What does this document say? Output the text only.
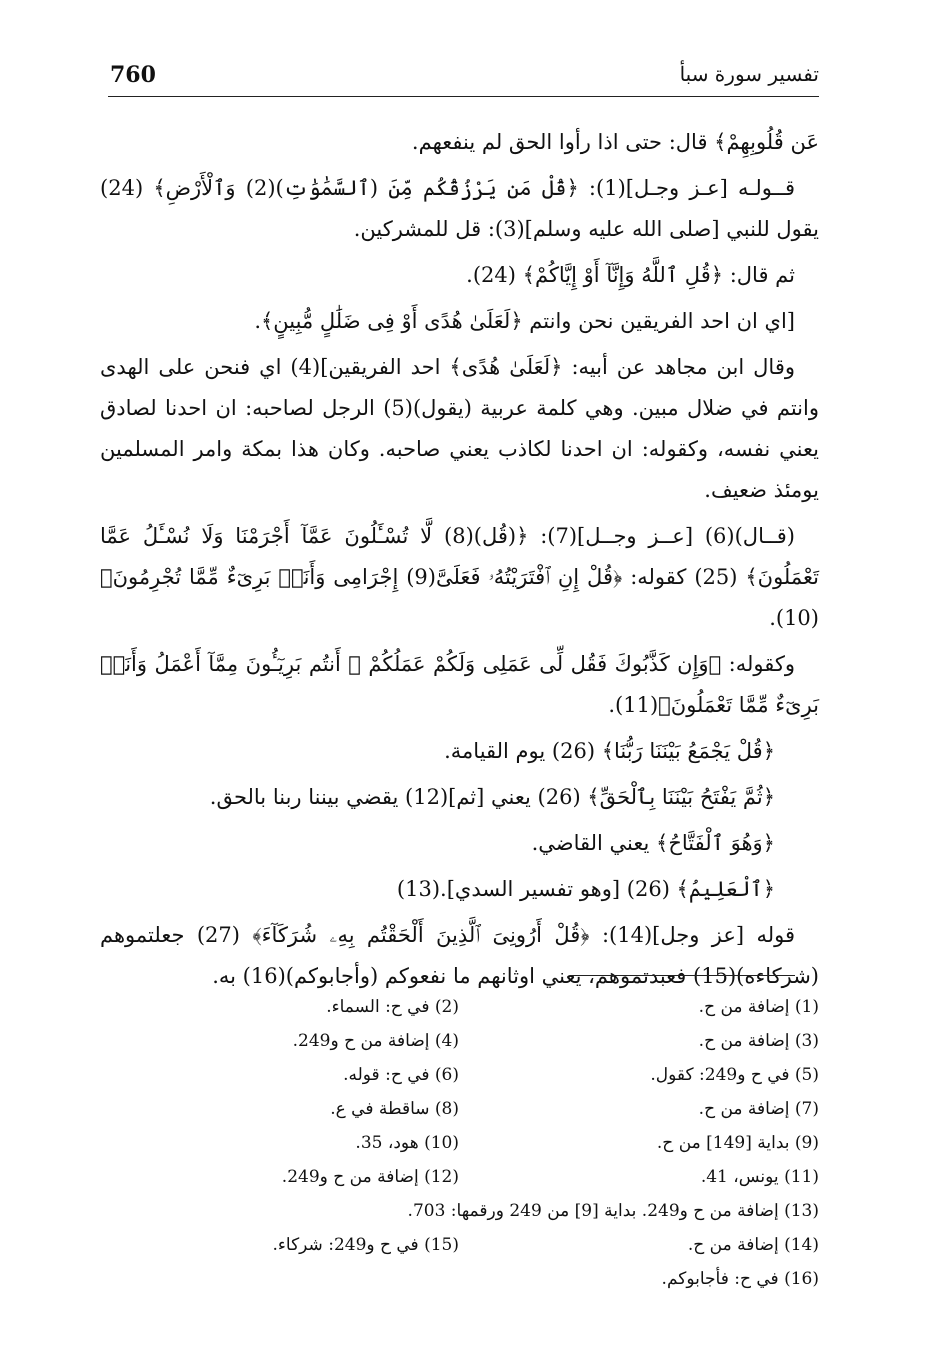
760	تفسير سورة سبأ

عَن قُلُوبِهِمْ﴾ قال: حتى اذا رأوا الحق لم ينفعهم.

قــولـه [عـز وجـل](1): ﴿قُلْ مَن يَرْزُقُكُم مِّنَ (ٱلسَّمَٰوَٰتِ)(2) وَٱلْأَرْضِ﴾ (24) يقول للنبي [صلى الله عليه وسلم](3): قل للمشركين.

ثم قال: ﴿قُلِ ٱللَّهُ وَإِنَّآ أَوْ إِيَّاكُمْ﴾ (24).

[اي ان احد الفريقين نحن وانتم ﴿لَعَلَىٰ هُدًى أَوْ فِى ضَلَٰلٍ مُّبِينٍ﴾.

وقال ابن مجاهد عن أبيه: ﴿لَعَلَىٰ هُدًى﴾ احد الفريقين](4) اي فنحن على الهدى وانتم في ضلال مبين. وهي كلمة عربية (يقول)(5) الرجل لصاحبه: ان احدنا لصادق يعني نفسه، وكقوله: ان احدنا لكاذب يعني صاحبه. وكان هذا بمكة وامر المسلمين يومئذ ضعيف.

(قــال)(6) [عــز وجــل](7): ﴿(قُل)(8) لَّا تُسْـَٔلُونَ عَمَّآ أَجْرَمْنَا وَلَا نُسْـَٔلُ عَمَّا تَعْمَلُونَ﴾ (25) كقوله: ﴿قُلْ إِنِ ٱفْتَرَيْتُهُۥ فَعَلَىَّ(9) إِجْرَامِى وَأَنَا۠ بَرِىٓءٌ مِّمَّا تُجْرِمُونَ﴾(10).

وكقوله: ﴿وَإِن كَذَّبُوكَ فَقُل لِّى عَمَلِى وَلَكُمْ عَمَلُكُمْ ۖ أَنتُم بَرِيٓـُٔونَ مِمَّآ أَعْمَلُ وَأَنَا۠ بَرِىٓءٌ مِّمَّا تَعْمَلُونَ﴾(11).

﴿قُلْ يَجْمَعُ بَيْنَنَا رَبُّنَا﴾ (26) يوم القيامة.

﴿ثُمَّ يَفْتَحُ بَيْنَنَا بِٱلْحَقِّ﴾ (26) يعني [ثم](12) يقضي بيننا ربنا بالحق.

﴿وَهُوَ ٱلْفَتَّاحُ﴾ يعني القاضي.

﴿ٱلْعَلِيمُ﴾ (26) [وهو تفسير السدي].(13)

قوله [عز وجل](14): ﴿قُلْ أَرُونِىَ ٱلَّذِينَ أَلْحَقْتُم بِهِۦ شُرَكَآءَ﴾ (27) جعلتموهم (شركاءه)(15) فعبدتموهم، يعني اوثانهم ما نفعوكم (وأجابوكم)(16) به.

(1) إضافة من ح.
(2) في ح: السماء.
(3) إضافة من ح.
(4) إضافة من ح و249.
(5) في ح و249: كقول.
(6) في ح: قوله.
(7) إضافة من ح.
(8) ساقطة في ع.
(9) بداية [149] من ح.
(10) هود، 35.
(11) يونس، 41.
(12) إضافة من ح و249.
(13) إضافة من ح و249. بداية [9] من 249 ورقمها: 703.
(14) إضافة من ح.
(15) في ح و249: شركاء.
(16) في ح: فأجابوكم.
